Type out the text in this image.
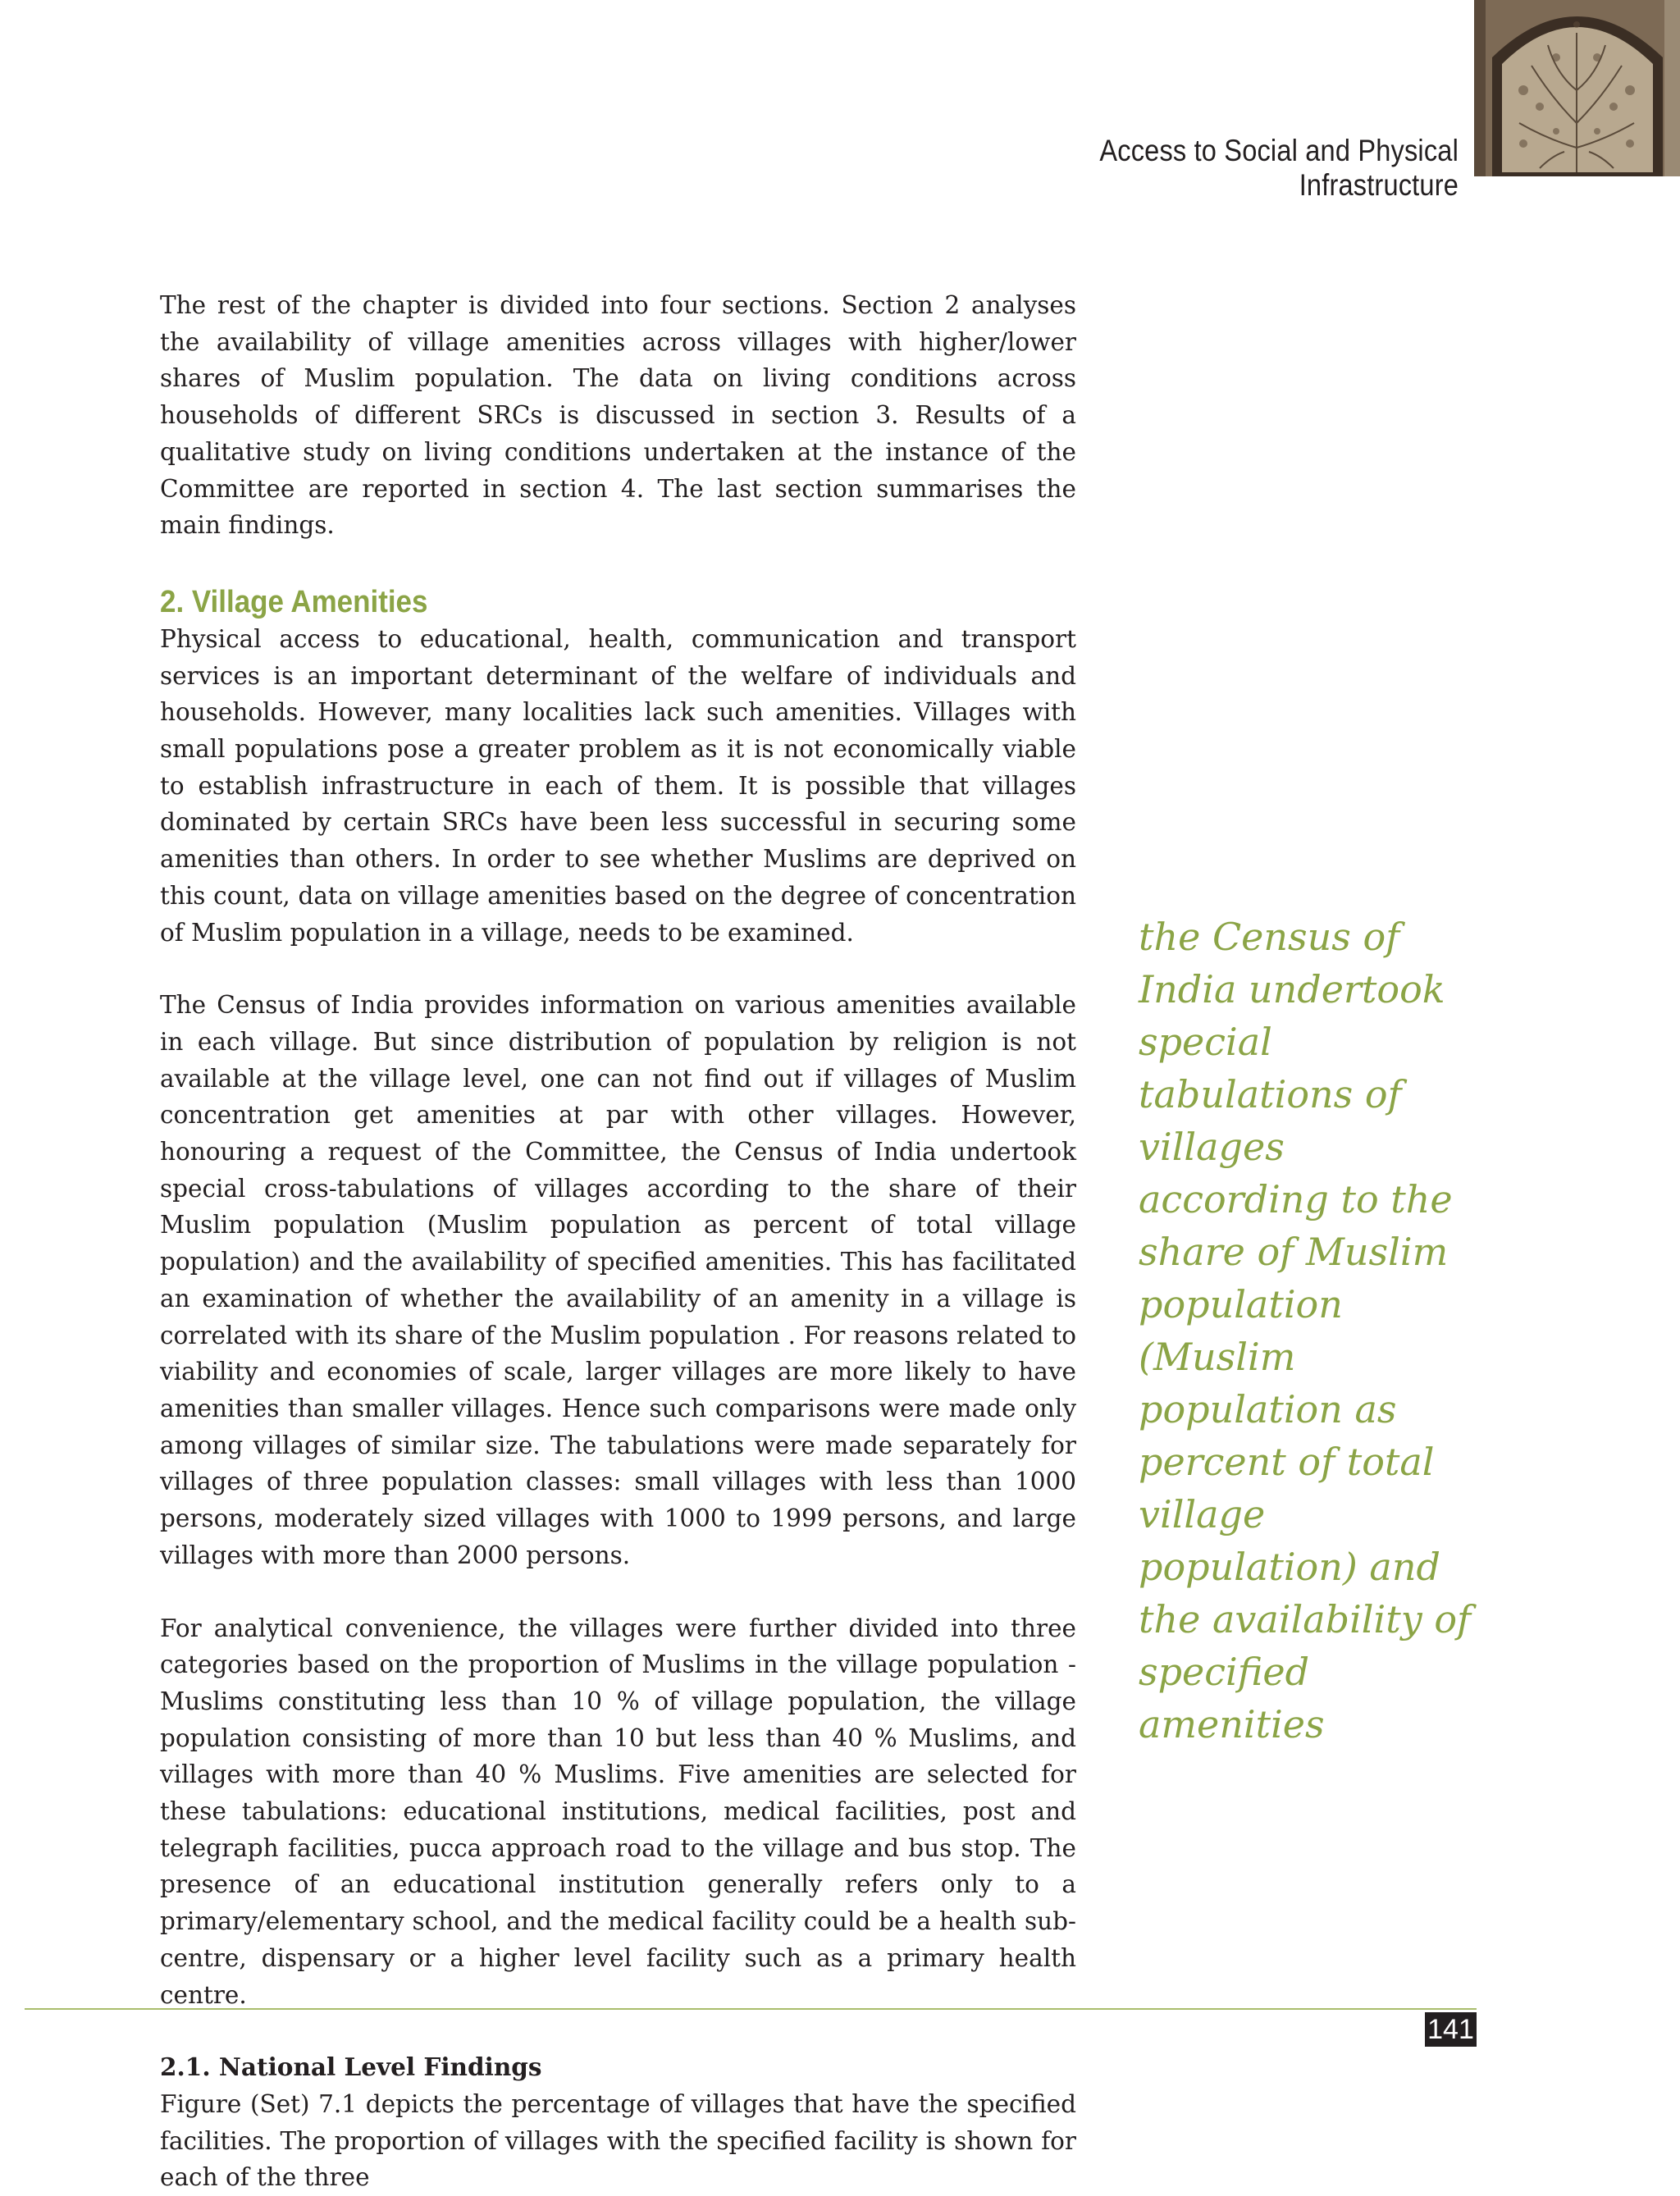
Access to Social and Physical Infrastructure

The rest of the chapter is divided into four sections. Section 2 analyses the availability of village amenities across villages with higher/lower shares of Muslim population. The data on living conditions across households of different SRCs is discussed in section 3. Results of a qualitative study on living conditions undertaken at the instance of the Committee are reported in section 4. The last section summarises the main findings.

2. Village Amenities

Physical access to educational, health, communication and transport services is an important determinant of the welfare of individuals and households. However, many localities lack such amenities. Villages with small populations pose a greater problem as it is not economically viable to establish infrastructure in each of them. It is possible that villages dominated by certain SRCs have been less successful in securing some amenities than others. In order to see whether Muslims are deprived on this count, data on village amenities based on the degree of concentration of Muslim population in a village, needs to be examined.

The Census of India provides information on various amenities available in each village. But since distribution of population by religion is not available at the village level, one can not find out if villages of Muslim concentration get amenities at par with other villages. However, honouring a request of the Committee, the Census of India undertook special cross-tabulations of villages according to the share of their Muslim population (Muslim population as percent of total village population) and the availability of specified amenities. This has facilitated an examination of whether the availability of an amenity in a village is correlated with its share of the Muslim population . For reasons related to viability and economies of scale, larger villages are more likely to have amenities than smaller villages. Hence such comparisons were made only among villages of similar size. The tabulations were made separately for villages of three population classes: small villages with less than 1000 persons, moderately sized villages with 1000 to 1999 persons, and large villages with more than 2000 persons.

For analytical convenience, the villages were further divided into three categories based on the proportion of Muslims in the village population - Muslims constituting less than 10 % of village population, the village population consisting of more than 10 but less than 40 % Muslims, and villages with more than 40 % Muslims. Five amenities are selected for these tabulations: educational institutions, medical facilities, post and telegraph facilities, pucca approach road to the village and bus stop. The presence of an educational institution generally refers only to a primary/elementary school, and the medical facility could be a health sub-centre, dispensary or a higher level facility such as a primary health centre.

2.1. National Level Findings

Figure (Set) 7.1 depicts the percentage of villages that have the specified facilities. The proportion of villages with the specified facility is shown for each of the three

the Census of India undertook special tabulations of villages according to the share of Muslim population (Muslim population as percent of total village population) and the availability of specified amenities
141
